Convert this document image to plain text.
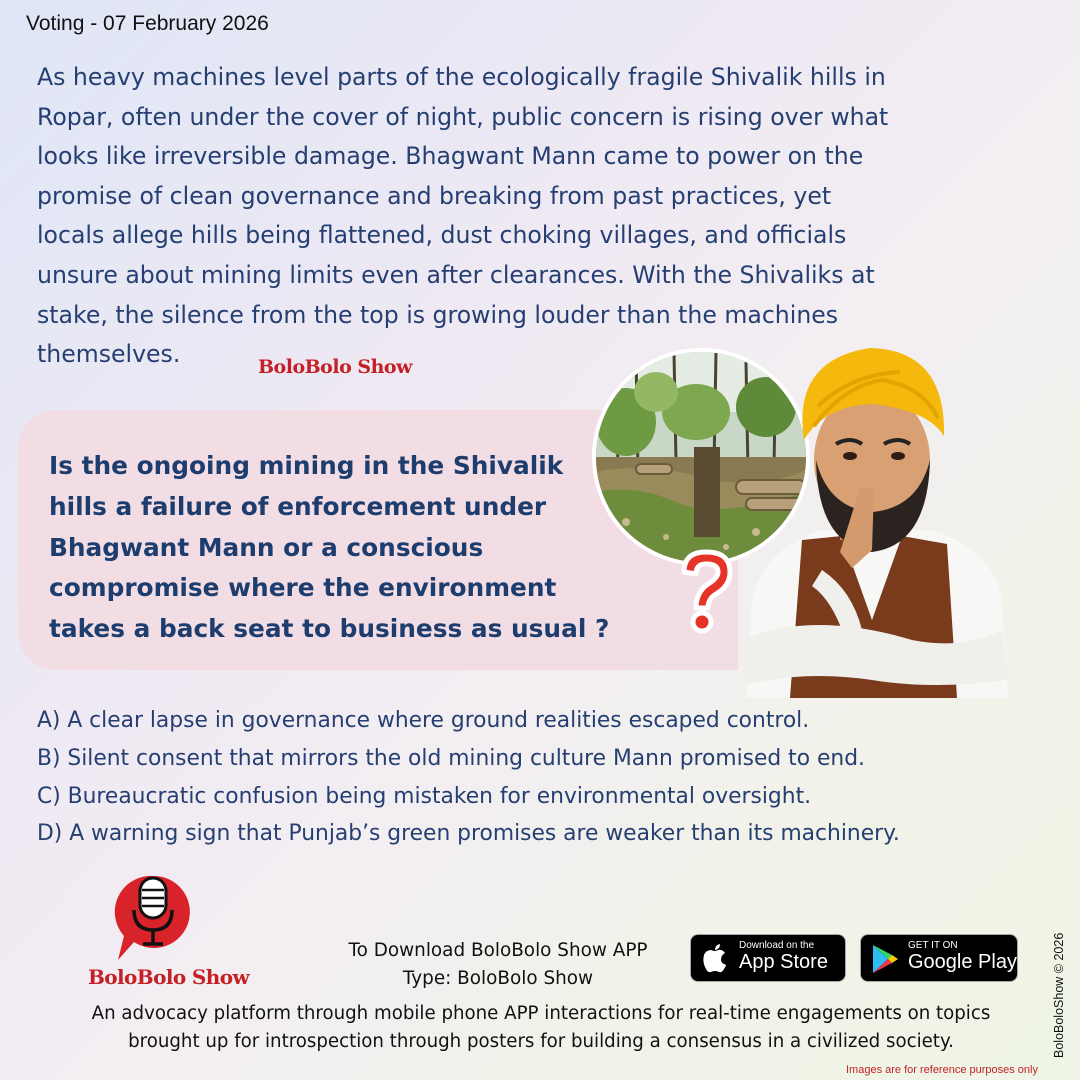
Voting - 07 February 2026
As heavy machines level parts of the ecologically fragile Shivalik hills in
Ropar, often under the cover of night, public concern is rising over what
looks like irreversible damage. Bhagwant Mann came to power on the
promise of clean governance and breaking from past practices, yet
locals allege hills being flattened, dust choking villages, and officials
unsure about mining limits even after clearances. With the Shivaliks at
stake, the silence from the top is growing louder than the machines
themselves.	BoloBolo Show
Is the ongoing mining in the Shivalik
hills a failure of enforcement under
Bhagwant Mann or a conscious
compromise where the environment
takes a back seat to business as usual ?
A) A clear lapse in governance where ground realities escaped control.
B) Silent consent that mirrors the old mining culture Mann promised to end.
C) Bureaucratic confusion being mistaken for environmental oversight.
D) A warning sign that Punjab’s green promises are weaker than its machinery.
BoloBolo Show
To Download BoloBolo Show APP
Type: BoloBolo Show
Download on the
App Store
GET IT ON
Google Play
An advocacy platform through mobile phone APP interactions for real-time engagements on topics
brought up for introspection through posters for building a consensus in a civilized society.
Images are for reference purposes only
BoloBoloShow © 2026
